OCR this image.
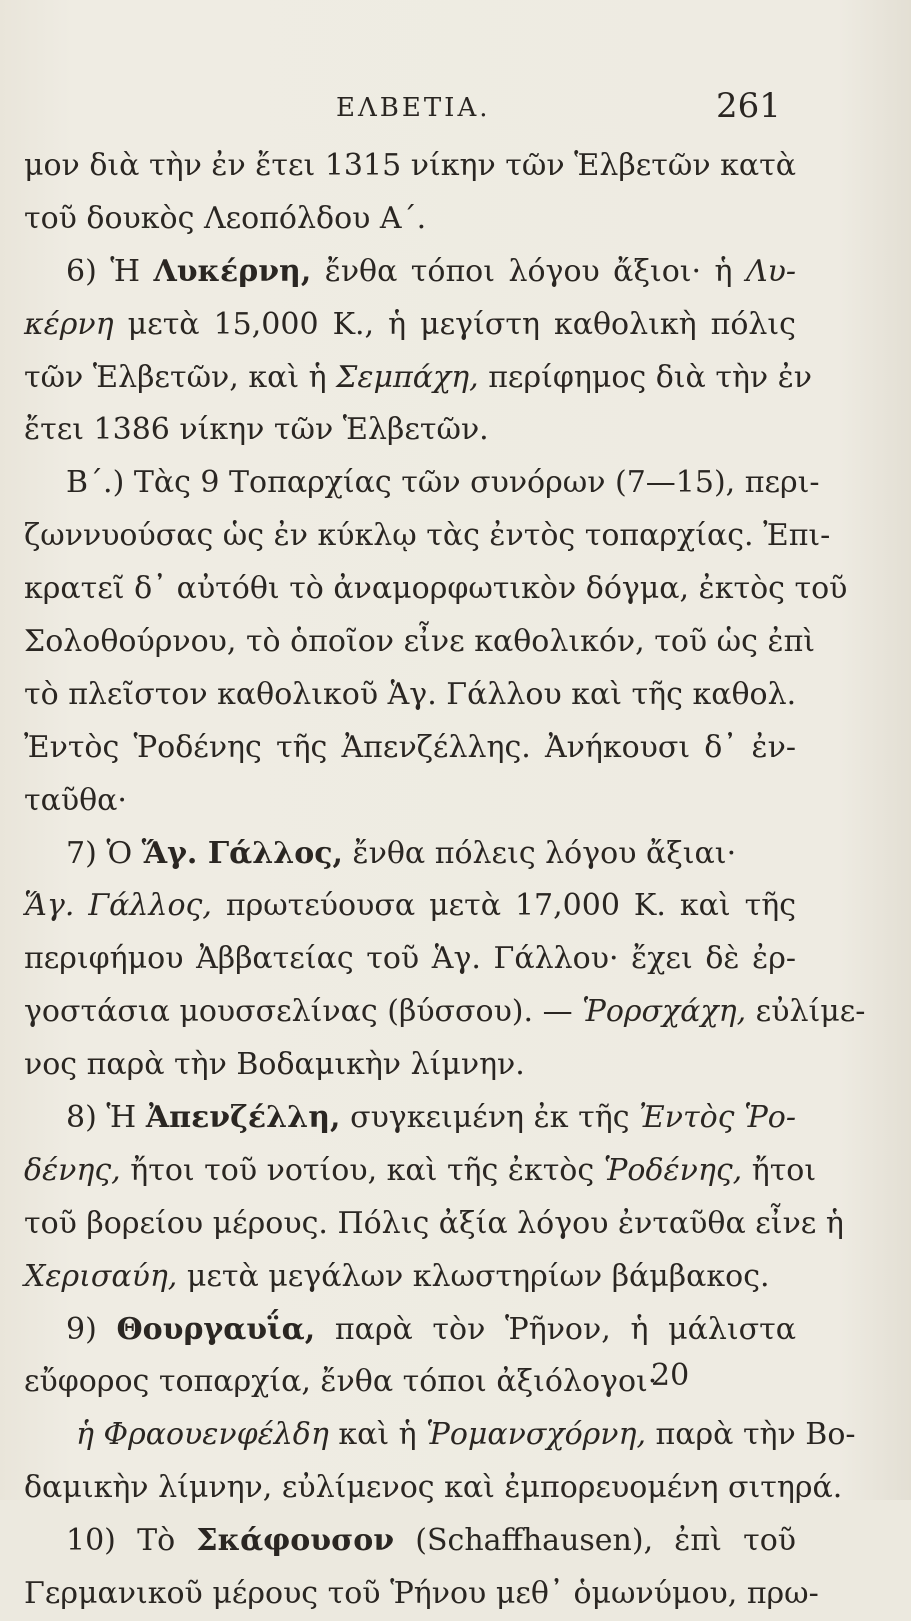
ΕΛΒΕΤΙΑ.	261
μον διὰ τὴν ἐν ἔτει 1315 νίκην τῶν Ἑλβετῶν κατὰ
τοῦ δουκὸς Λεοπόλδου Α΄.
6) Ἡ Λυκέρνη, ἔνθα τόποι λόγου ἄξιοι· ἡ Λυ-
κέρνη μετὰ 15,000 Κ., ἡ μεγίστη καθολικὴ πόλις
τῶν Ἑλβετῶν, καὶ ἡ Σεμπάχη, περίφημος διὰ τὴν ἐν
ἔτει 1386 νίκην τῶν Ἑλβετῶν.
Β΄.) Τὰς 9 Τοπαρχίας τῶν συνόρων (7—15), περι-
ζωννυούσας ὡς ἐν κύκλῳ τὰς ἐντὸς τοπαρχίας. Ἐπι-
κρατεῖ δ᾽ αὐτόθι τὸ ἀναμορφωτικὸν δόγμα, ἐκτὸς τοῦ
Σολοθούρνου, τὸ ὁποῖον εἶνε καθολικόν, τοῦ ὡς ἐπὶ
τὸ πλεῖστον καθολικοῦ Ἁγ. Γάλλου καὶ τῆς καθολ.
Ἐντὸς Ῥοδένης τῆς Ἀπενζέλλης. Ἀνήκουσι δ᾽ ἐν-
ταῦθα·
7) Ὁ Ἅγ. Γάλλος, ἔνθα πόλεις λόγου ἄξιαι·
Ἅγ. Γάλλος, πρωτεύουσα μετὰ 17,000 Κ. καὶ τῆς
περιφήμου Ἀββατείας τοῦ Ἁγ. Γάλλου· ἔχει δὲ ἐρ-
γοστάσια μουσσελίνας (βύσσου). — Ῥορσχάχη, εὐλίμε-
νος παρὰ τὴν Βοδαμικὴν λίμνην.
8) Ἡ Ἀπενζέλλη, συγκειμένη ἐκ τῆς Ἐντὸς Ῥο-
δένης, ἤτοι τοῦ νοτίου, καὶ τῆς ἐκτὸς Ῥοδένης, ἤτοι
τοῦ βορείου μέρους. Πόλις ἀξία λόγου ἐνταῦθα εἶνε ἡ
Χερισαύη, μετὰ μεγάλων κλωστηρίων βάμβακος.
9) Θουργαυΐα, παρὰ τὸν Ῥῆνον, ἡ μάλιστα
εὔφορος τοπαρχία, ἔνθα τόποι ἀξιόλογοι·
ἡ Φραουενφέλδη καὶ ἡ Ῥομανσχόρνη, παρὰ τὴν Βο-
δαμικὴν λίμνην, εὐλίμενος καὶ ἐμπορευομένη σιτηρά.
10) Τὸ Σκάφουσον (Schaffhausen), ἐπὶ τοῦ
Γερμανικοῦ μέρους τοῦ Ῥήνου μεθ᾽ ὁμωνύμου, πρω-
20
